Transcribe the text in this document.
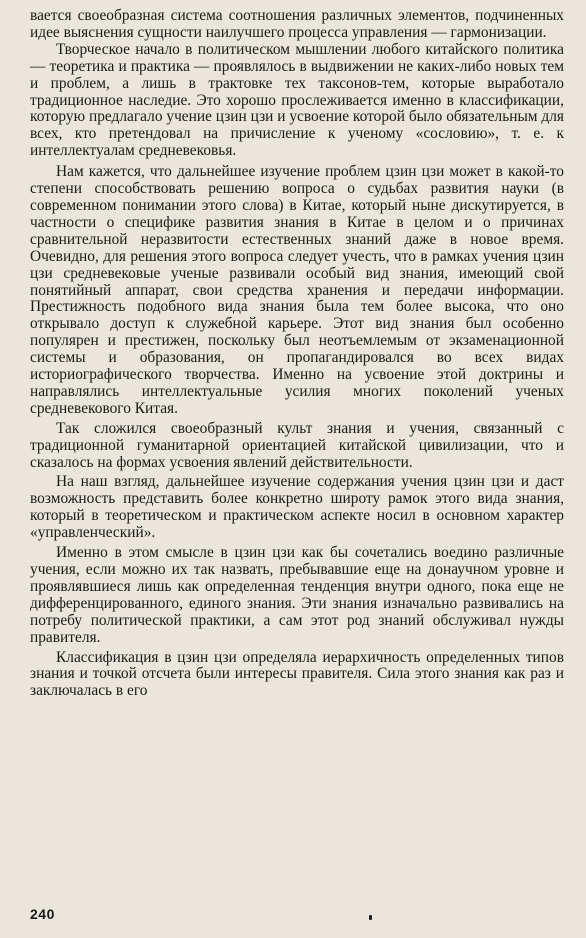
вается своеобразная система соотношения различных элементов, подчиненных идее выяснения сущности наилучшего процесса управления — гармонизации.

Творческое начало в политическом мышлении любого китайского политика — теоретика и практика — проявлялось в выдвижении не каких-либо новых тем и проблем, а лишь в трактовке тех таксонов-тем, которые выработало традиционное наследие. Это хорошо прослеживается именно в классификации, которую предлагало учение цзин цзи и усвоение которой было обязательным для всех, кто претендовал на причисление к ученому «сословию», т. е. к интеллектуалам средневековья.

Нам кажется, что дальнейшее изучение проблем цзин цзи может в какой-то степени способствовать решению вопроса о судьбах развития науки (в современном понимании этого слова) в Китае, который ныне дискутируется, в частности о специфике развития знания в Китае в целом и о причинах сравнительной неразвитости естественных знаний даже в новое время. Очевидно, для решения этого вопроса следует учесть, что в рамках учения цзин цзи средневековые ученые развивали особый вид знания, имеющий свой понятийный аппарат, свои средства хранения и передачи информации. Престижность подобного вида знания была тем более высока, что оно открывало доступ к служебной карьере. Этот вид знания был особенно популярен и престижен, поскольку был неотъемлемым от экзаменационной системы и образования, он пропагандировался во всех видах историографического творчества. Именно на усвоение этой доктрины и направлялись интеллектуальные усилия многих поколений ученых средневекового Китая.

Так сложился своеобразный культ знания и учения, связанный с традиционной гуманитарной ориентацией китайской цивилизации, что и сказалось на формах усвоения явлений действительности.

На наш взгляд, дальнейшее изучение содержания учения цзин цзи и даст возможность представить более конкретно широту рамок этого вида знания, который в теоретическом и практическом аспекте носил в основном характер «управленческий».

Именно в этом смысле в цзин цзи как бы сочетались воедино различные учения, если можно их так назвать, пребывавшие еще на донаучном уровне и проявлявшиеся лишь как определенная тенденция внутри одного, пока еще не дифференцированного, единого знания. Эти знания изначально развивались на потребу политической практики, а сам этот род знаний обслуживал нужды правителя.

Классификация в цзин цзи определяла иерархичность определенных типов знания и точкой отсчета были интересы правителя. Сила этого знания как раз и заключалась в его

240
